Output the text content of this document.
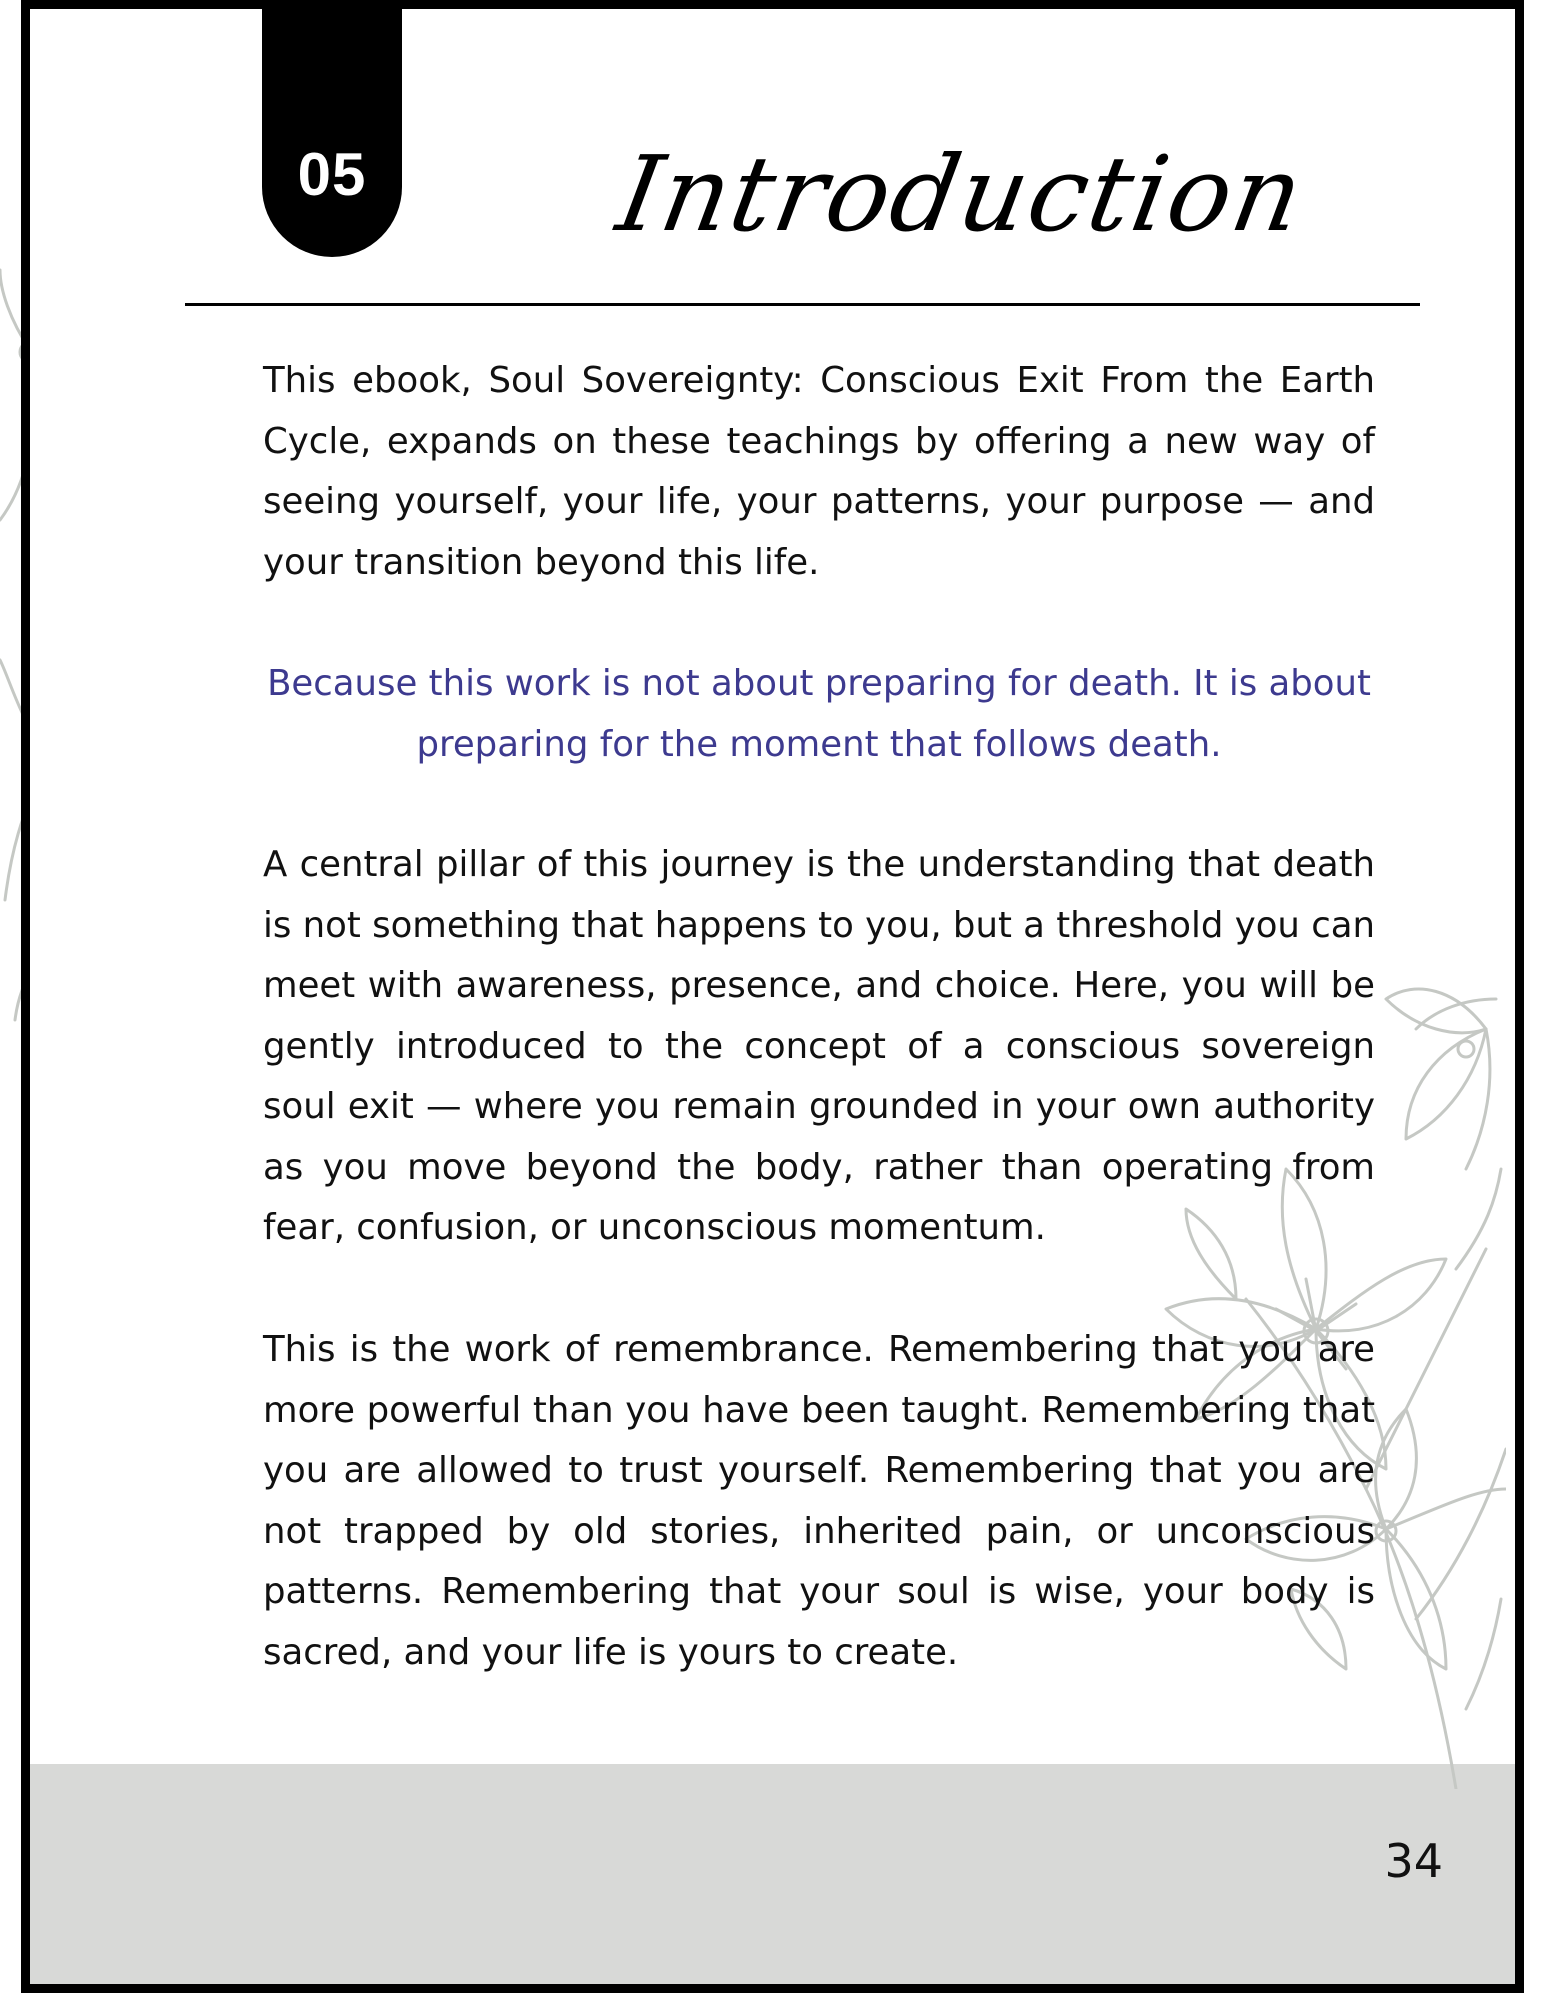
05	Introduction

This ebook, Soul Sovereignty: Conscious Exit From the Earth Cycle, expands on these teachings by offering a new way of seeing yourself, your life, your patterns, your purpose — and your transition beyond this life.

Because this work is not about preparing for death. It is about preparing for the moment that follows death.

A central pillar of this journey is the understanding that death is not something that happens to you, but a threshold you can meet with awareness, presence, and choice. Here, you will be gently introduced to the concept of a conscious sovereign soul exit — where you remain grounded in your own authority as you move beyond the body, rather than operating from fear, confusion, or unconscious momentum.

This is the work of remembrance. Remembering that you are more powerful than you have been taught. Remembering that you are allowed to trust yourself. Remembering that you are not trapped by old stories, inherited pain, or unconscious patterns. Remembering that your soul is wise, your body is sacred, and your life is yours to create.

34
